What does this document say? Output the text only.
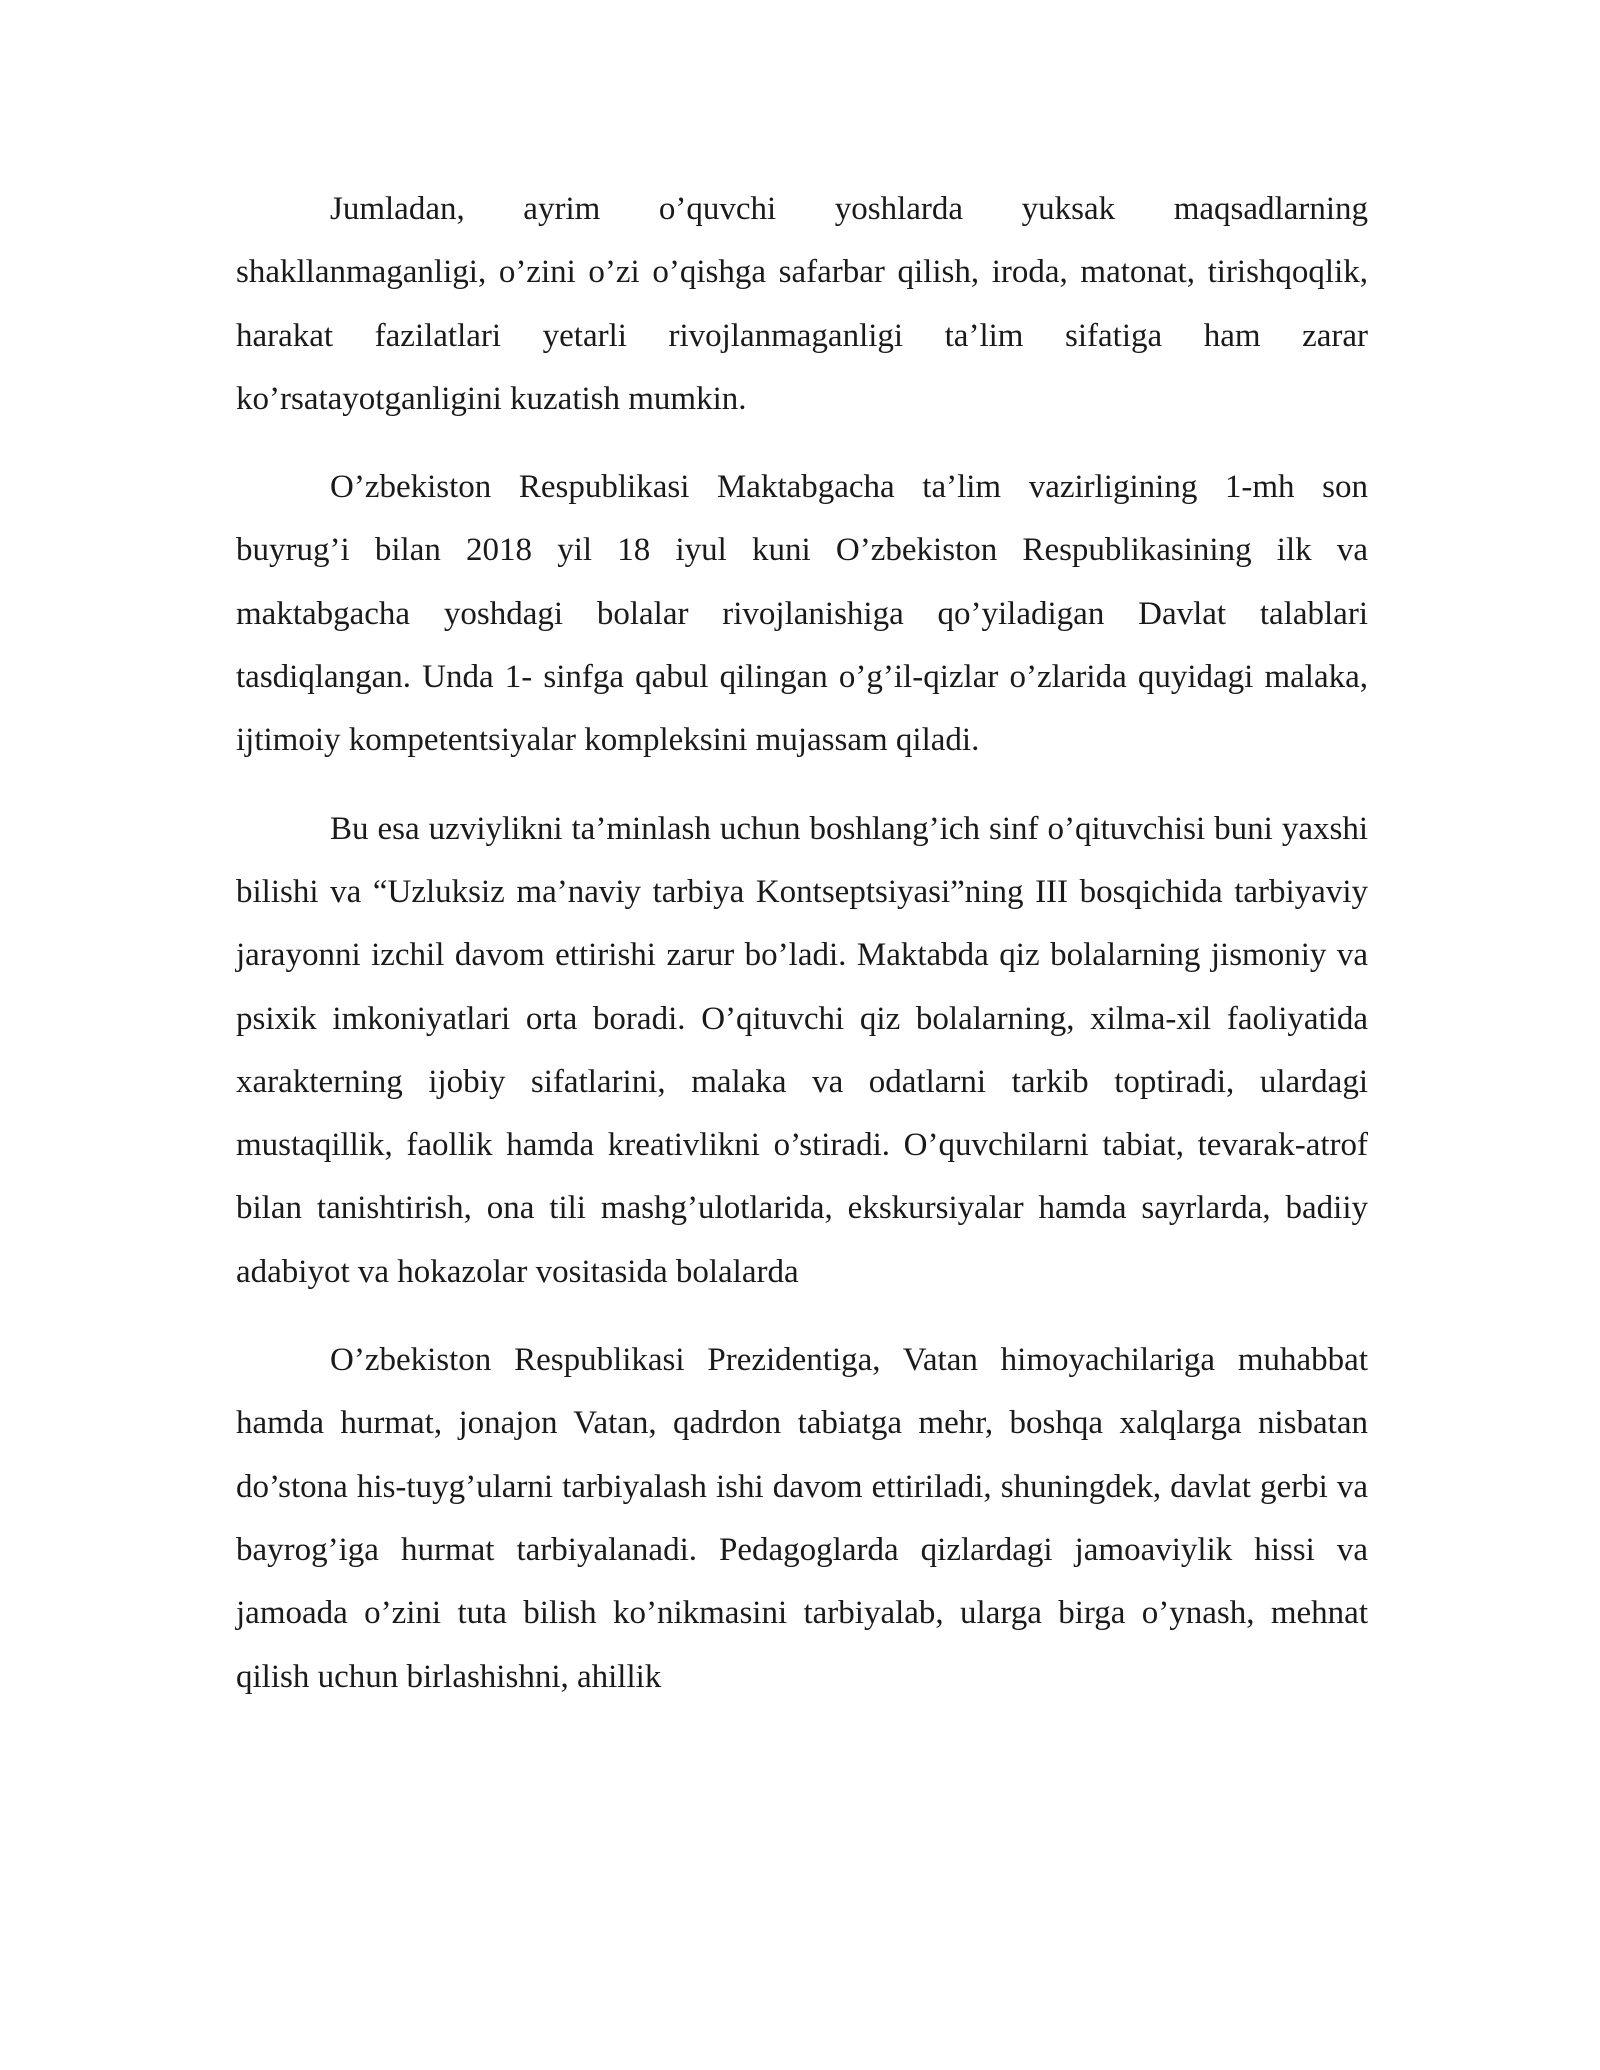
Jumladan, ayrim o’quvchi yoshlarda yuksak maqsadlarning shakllanmaganligi, o’zini o’zi o’qishga safarbar qilish, iroda, matonat, tirishqoqlik, harakat fazilatlari yetarli rivojlanmaganligi ta’lim sifatiga ham zarar ko’rsatayotganligini kuzatish mumkin.

O’zbekiston Respublikasi Maktabgacha ta’lim vazirligining 1-mh son buyrug’i bilan 2018 yil 18 iyul kuni O’zbekiston Respublikasining ilk va maktabgacha yoshdagi bolalar rivojlanishiga qo’yiladigan Davlat talablari tasdiqlangan. Unda 1- sinfga qabul qilingan o’g’il-qizlar o’zlarida quyidagi malaka, ijtimoiy kompetentsiyalar kompleksini mujassam qiladi.

Bu esa uzviylikni ta’minlash uchun boshlang’ich sinf o’qituvchisi buni yaxshi bilishi va “Uzluksiz ma’naviy tarbiya Kontseptsiyasi”ning III bosqichida tarbiyaviy jarayonni izchil davom ettirishi zarur bo’ladi. Maktabda qiz bolalarning jismoniy va psixik imkoniyatlari orta boradi. O’qituvchi qiz bolalarning, xilma-xil faoliyatida xarakterning ijobiy sifatlarini, malaka va odatlarni tarkib toptiradi, ulardagi mustaqillik, faollik hamda kreativlikni o’stiradi. O’quvchilarni tabiat, tevarak-atrof bilan tanishtirish, ona tili mashg’ulotlarida, ekskursiyalar hamda sayrlarda, badiiy adabiyot va hokazolar vositasida bolalarda

O’zbekiston Respublikasi Prezidentiga, Vatan himoyachilariga muhabbat hamda hurmat, jonajon Vatan, qadrdon tabiatga mehr, boshqa xalqlarga nisbatan do’stona his-tuyg’ularni tarbiyalash ishi davom ettiriladi, shuningdek, davlat gerbi va bayrog’iga hurmat tarbiyalanadi. Pedagoglarda qizlardagi jamoaviylik hissi va jamoada o’zini tuta bilish ko’nikmasini tarbiyalab, ularga birga o’ynash, mehnat qilish uchun birlashishni, ahillik
